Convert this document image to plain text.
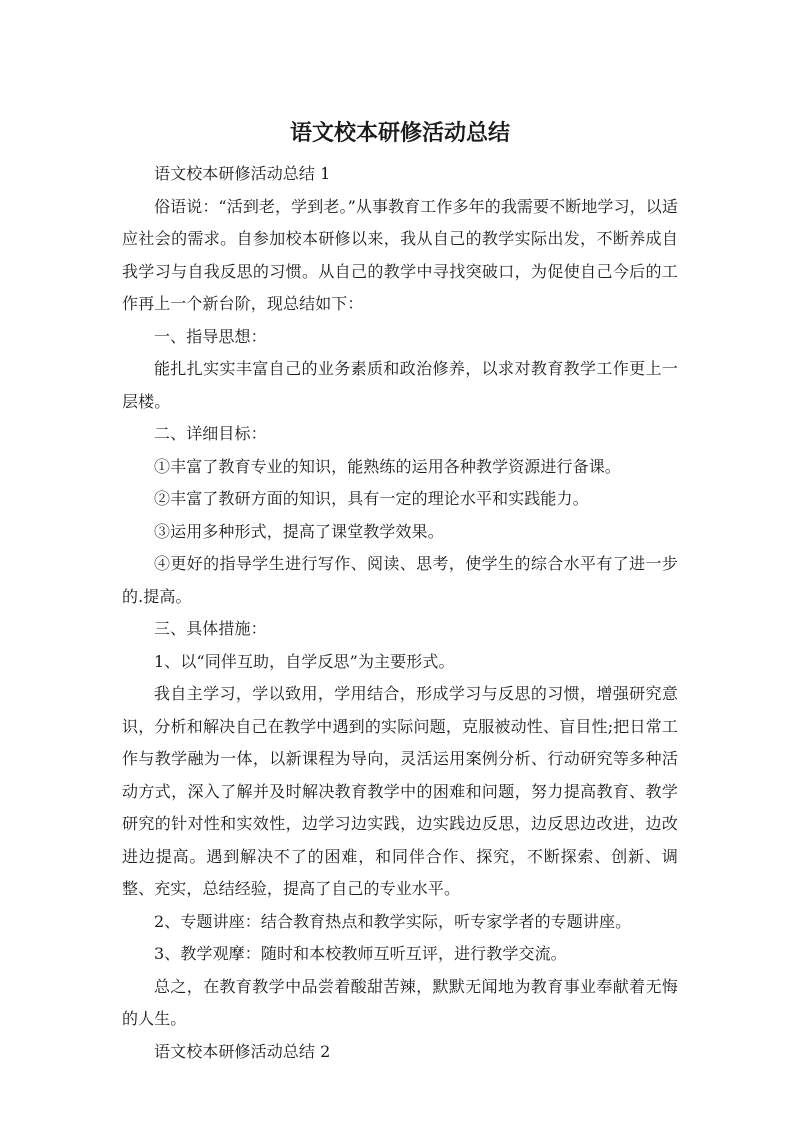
语文校本研修活动总结

语文校本研修活动总结 1

俗语说：“活到老，学到老。”从事教育工作多年的我需要不断地学习，以适应社会的需求。自参加校本研修以来，我从自己的教学实际出发，不断养成自我学习与自我反思的习惯。从自己的教学中寻找突破口，为促使自己今后的工作再上一个新台阶，现总结如下：

一、指导思想：

能扎扎实实丰富自己的业务素质和政治修养，以求对教育教学工作更上一层楼。

二、详细目标：

①丰富了教育专业的知识，能熟练的运用各种教学资源进行备课。

②丰富了教研方面的知识，具有一定的理论水平和实践能力。

③运用多种形式，提高了课堂教学效果。

④更好的指导学生进行写作、阅读、思考，使学生的综合水平有了进一步的.提高。

三、具体措施：

1、以“同伴互助，自学反思”为主要形式。

我自主学习，学以致用，学用结合，形成学习与反思的习惯，增强研究意识，分析和解决自己在教学中遇到的实际问题，克服被动性、盲目性;把日常工作与教学融为一体，以新课程为导向，灵活运用案例分析、行动研究等多种活动方式，深入了解并及时解决教育教学中的困难和问题，努力提高教育、教学研究的针对性和实效性，边学习边实践，边实践边反思，边反思边改进，边改进边提高。遇到解决不了的困难，和同伴合作、探究，不断探索、创新、调整、充实，总结经验，提高了自己的专业水平。

2、专题讲座：结合教育热点和教学实际，听专家学者的专题讲座。

3、教学观摩：随时和本校教师互听互评，进行教学交流。

总之，在教育教学中品尝着酸甜苦辣，默默无闻地为教育事业奉献着无悔的人生。

语文校本研修活动总结 2
